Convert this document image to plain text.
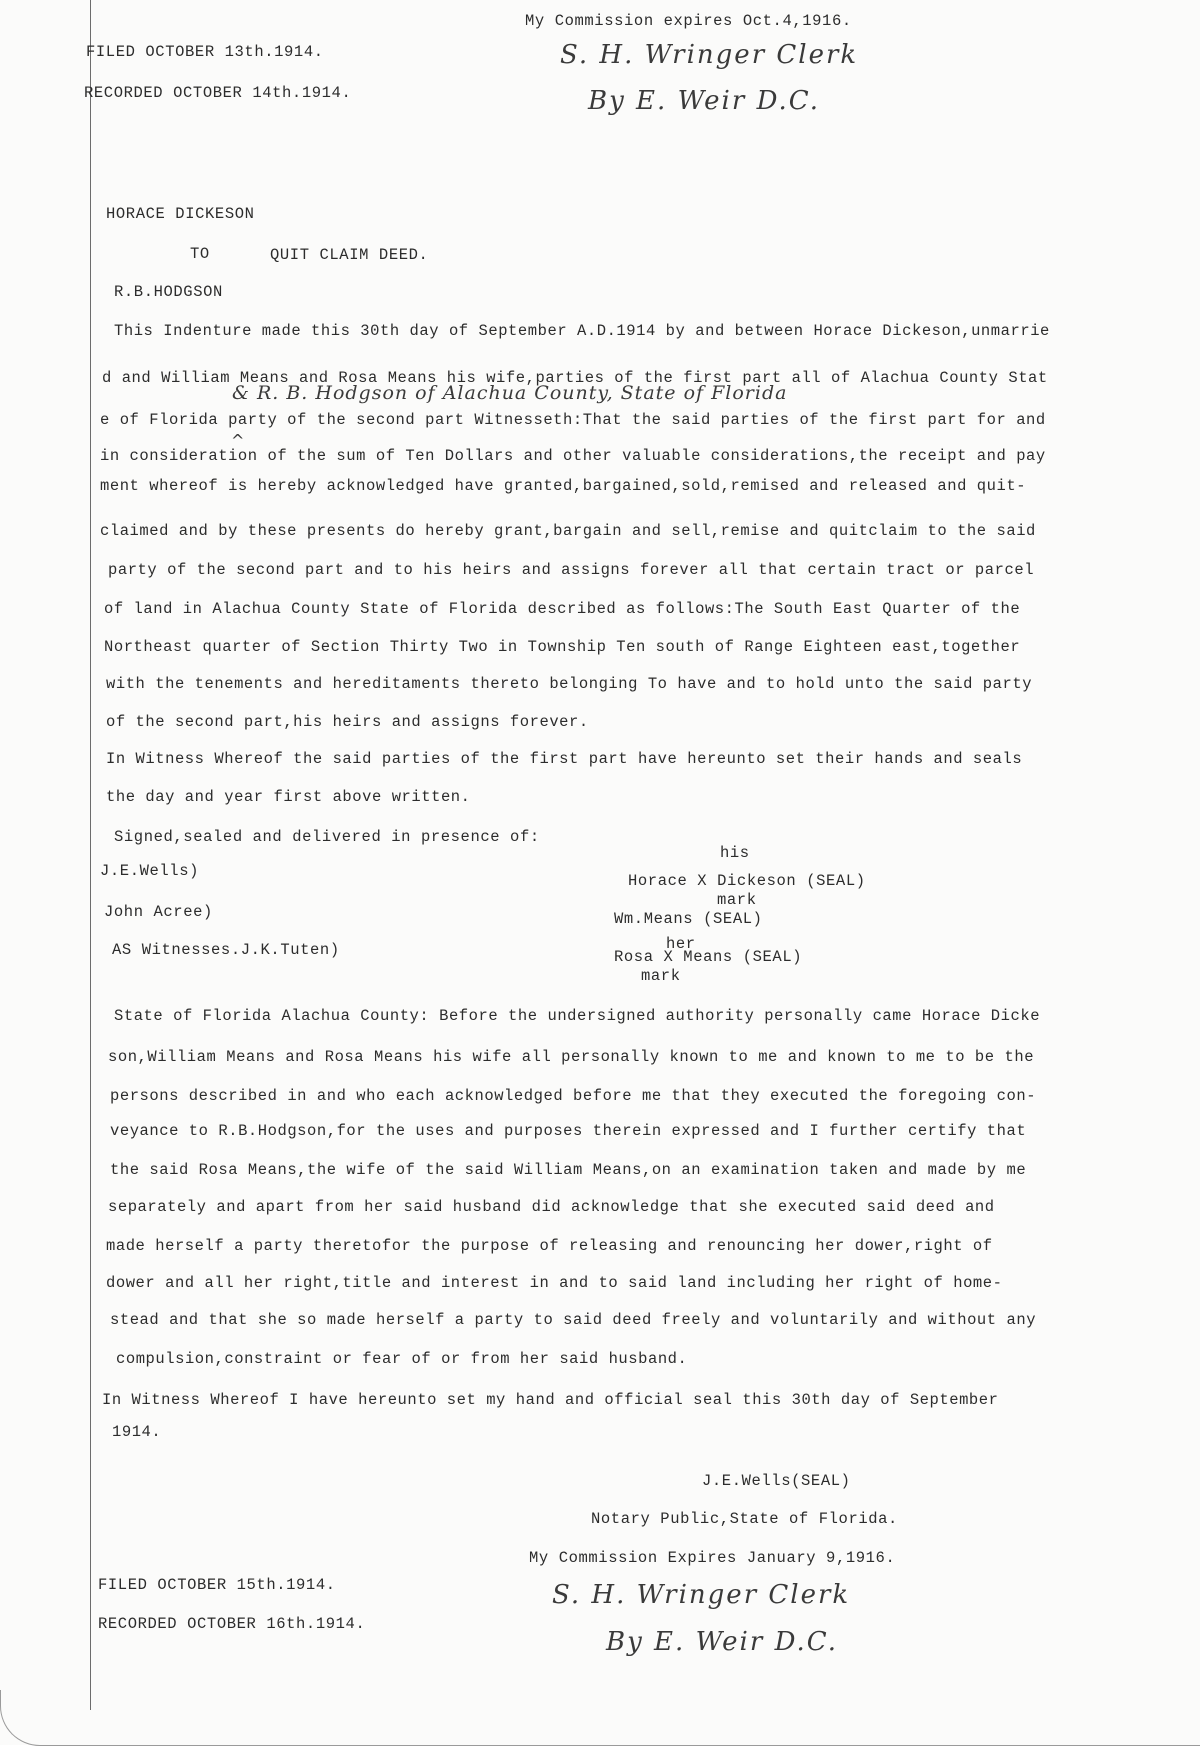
My Commission expires Oct.4,1916.
S. H. Wringer Clerk
By E. Weir D.C.
FILED OCTOBER 13th.1914.
RECORDED OCTOBER 14th.1914.
HORACE DICKESON
TO	QUIT CLAIM DEED.
R.B.HODGSON
& R. B. Hodgson of Alachua County, State of Florida
^
This Indenture made this 30th day of September A.D.1914 by and between Horace Dickeson,unmarrie
d and William Means and Rosa Means his wife,parties of the first part all of Alachua County Stat
e of Florida party of the second part Witnesseth:That the said parties of the first part for and
in consideration of the sum of Ten Dollars and other valuable considerations,the receipt and pay
ment whereof is hereby acknowledged have granted,bargained,sold,remised and released and quit-
claimed and by these presents do hereby grant,bargain and sell,remise and quitclaim to the said
party of the second part and to his heirs and assigns forever all that certain tract or parcel
of land in Alachua County State of Florida described as follows:The South East Quarter of the
Northeast quarter of Section Thirty Two in Township Ten south of Range Eighteen east,together
with the tenements and hereditaments thereto belonging To have and to hold unto the said party
of the second part,his heirs and assigns forever.
In Witness Whereof the said parties of the first part have hereunto set their hands and seals
the day and year first above written.
Signed,sealed and delivered in presence of:
J.E.Wells)
John Acree)
AS Witnesses.J.K.Tuten)
his
Horace X Dickeson (SEAL)
mark
Wm.Means (SEAL)
her
Rosa X Means (SEAL)
mark
State of Florida Alachua County: Before the undersigned authority personally came Horace Dicke
son,William Means and Rosa Means his wife all personally known to me and known to me to be the
persons described in and who each acknowledged before me that they executed the foregoing con-
veyance to R.B.Hodgson,for the uses and purposes therein expressed and I further certify that
the said Rosa Means,the wife of the said William Means,on an examination taken and made by me
separately and apart from her said husband did acknowledge that she executed said deed and
made herself a party theretofor the purpose of releasing and renouncing her dower,right of
dower and all her right,title and interest in and to said land including her right of home-
stead and that she so made herself a party to said deed freely and voluntarily and without any
compulsion,constraint or fear of or from her said husband.
In Witness Whereof I have hereunto set my hand and official seal this 30th day of September
1914.
J.E.Wells(SEAL)
Notary Public,State of Florida.
My Commission Expires January 9,1916.
FILED OCTOBER 15th.1914.
RECORDED OCTOBER 16th.1914.
S. H. Wringer Clerk
By E. Weir D.C.
